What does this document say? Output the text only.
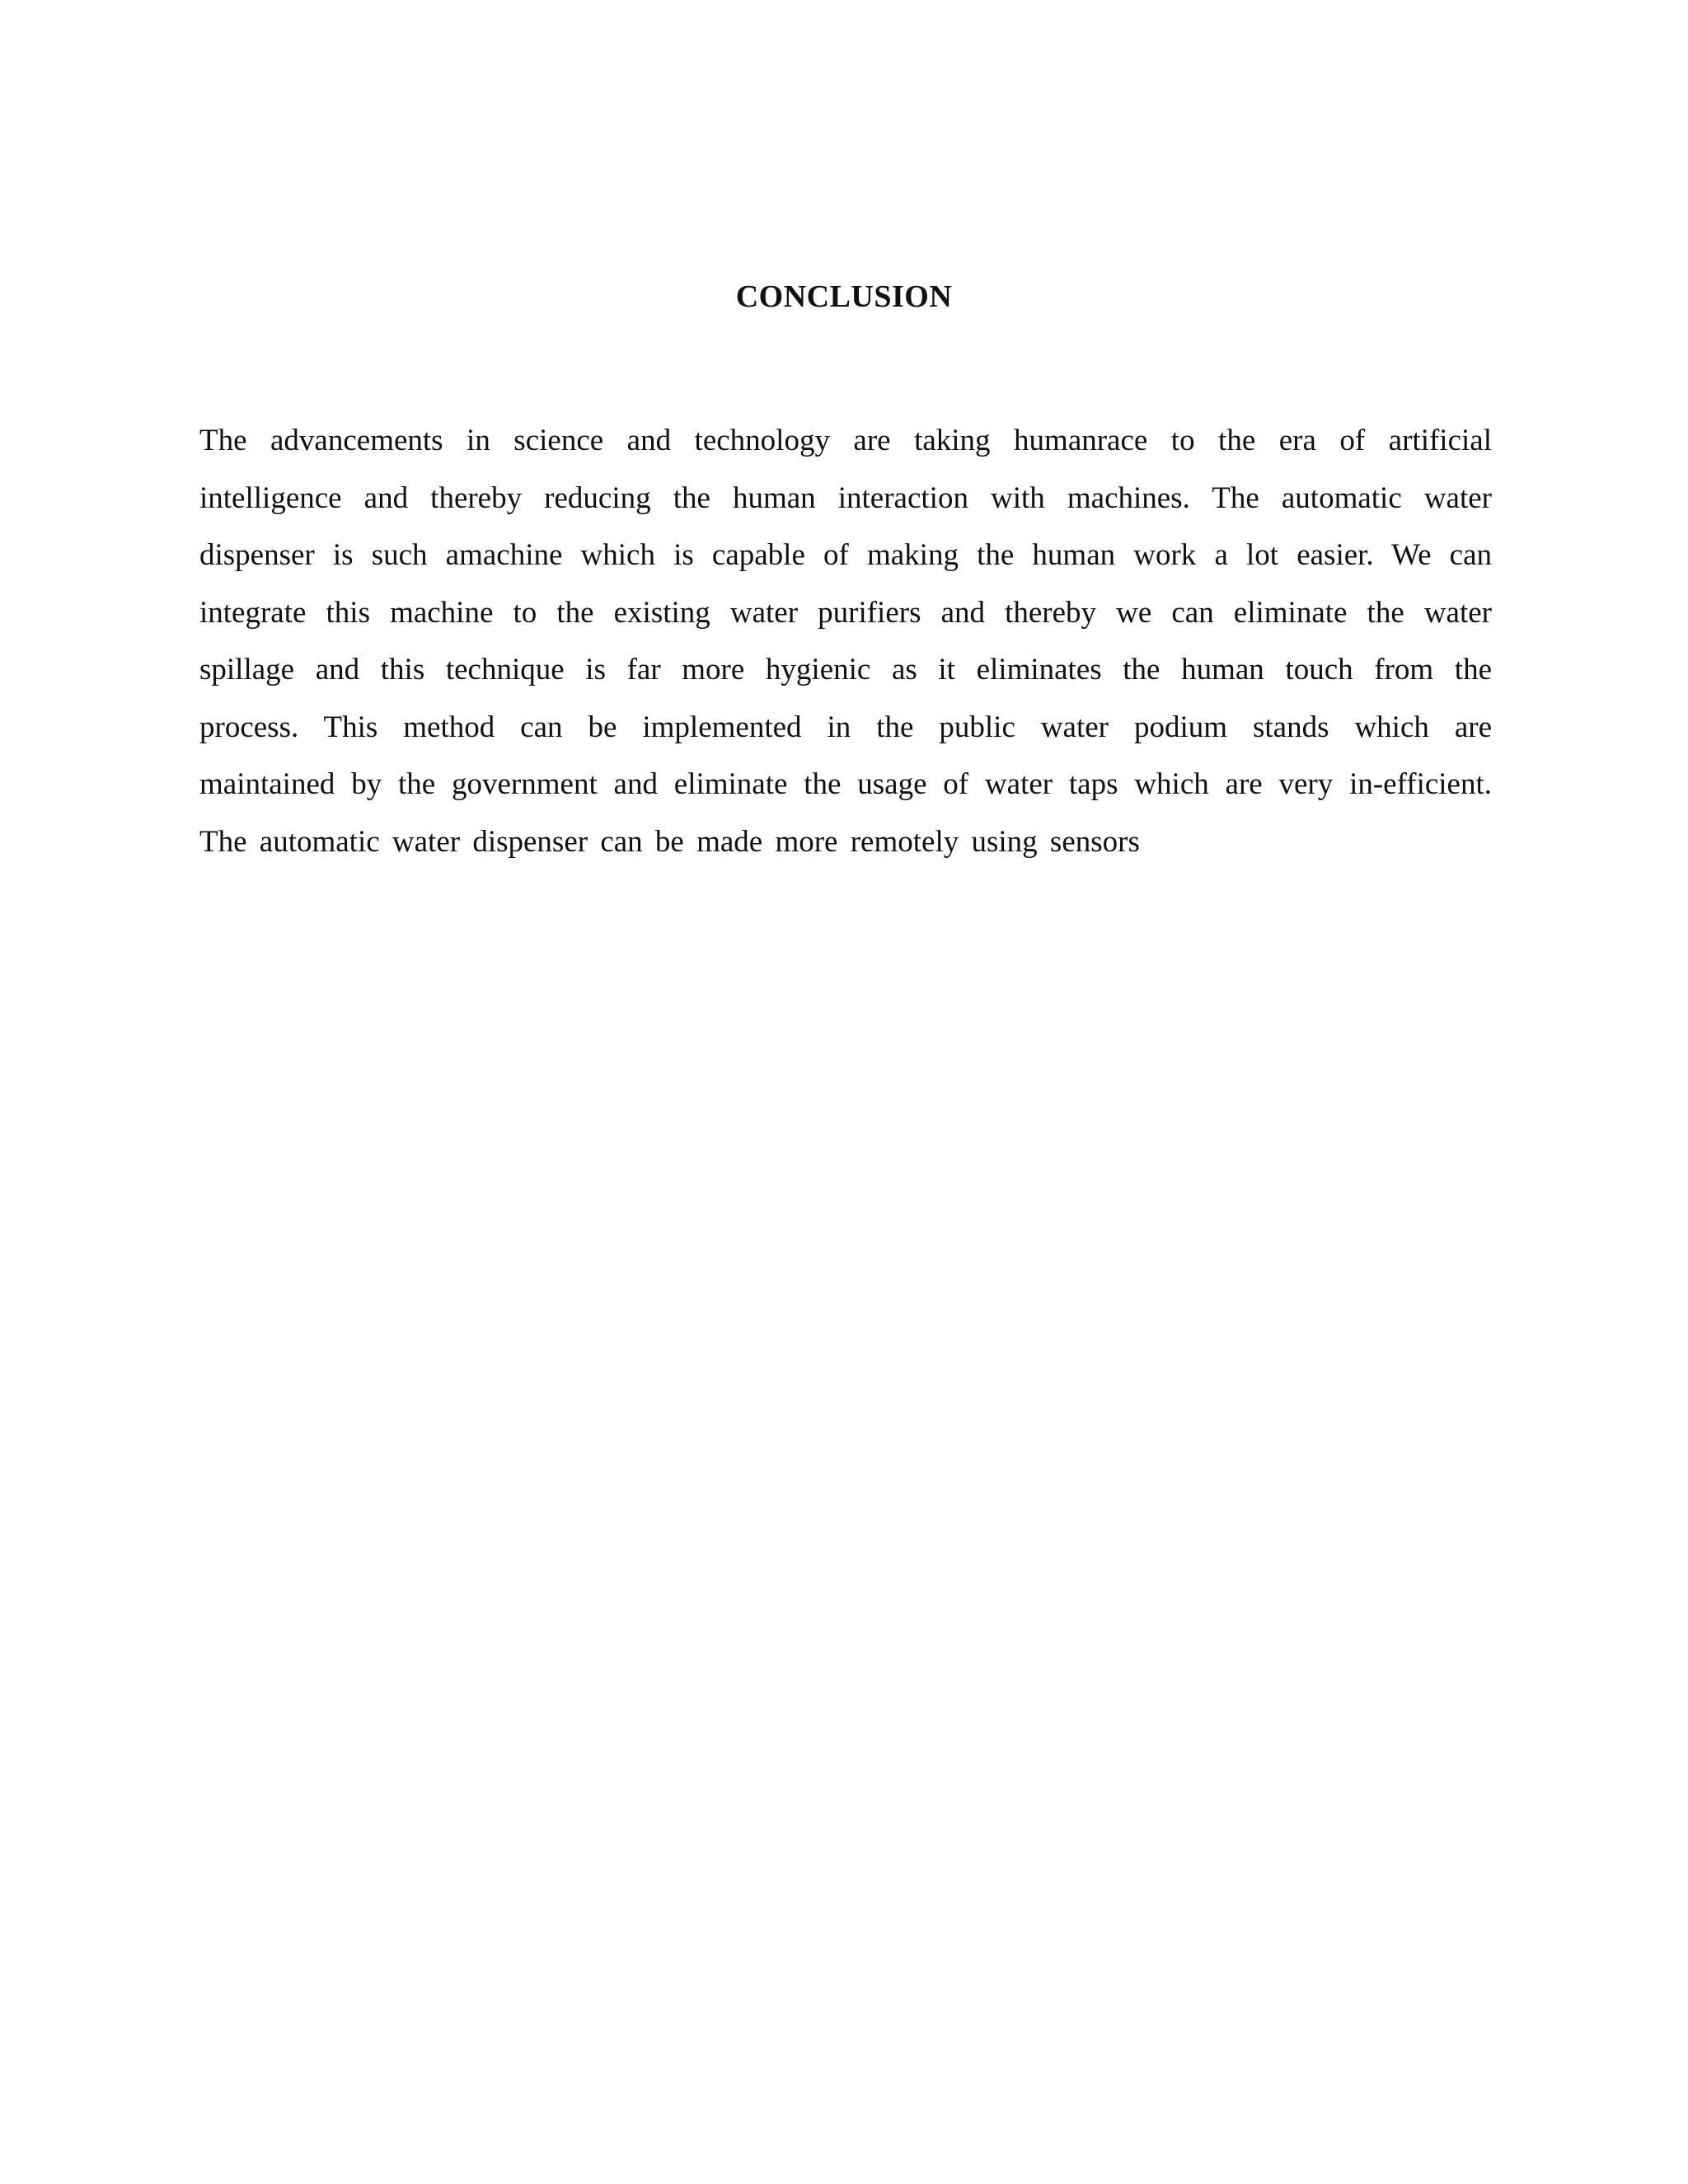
CONCLUSION
The advancements in science and technology are taking humanrace to the era of artificial
intelligence and thereby reducing the human interaction with machines. The automatic water
dispenser is such amachine which is capable of making the human work a lot easier. We can
integrate this machine to the existing water purifiers and thereby we can eliminate the water
spillage and this technique is far more hygienic as it eliminates the human touch from the
process. This method can be implemented in the public water podium stands which are
maintained by the government and eliminate the usage of water taps which are very in-efficient.
The automatic water dispenser can be made more remotely using sensors
